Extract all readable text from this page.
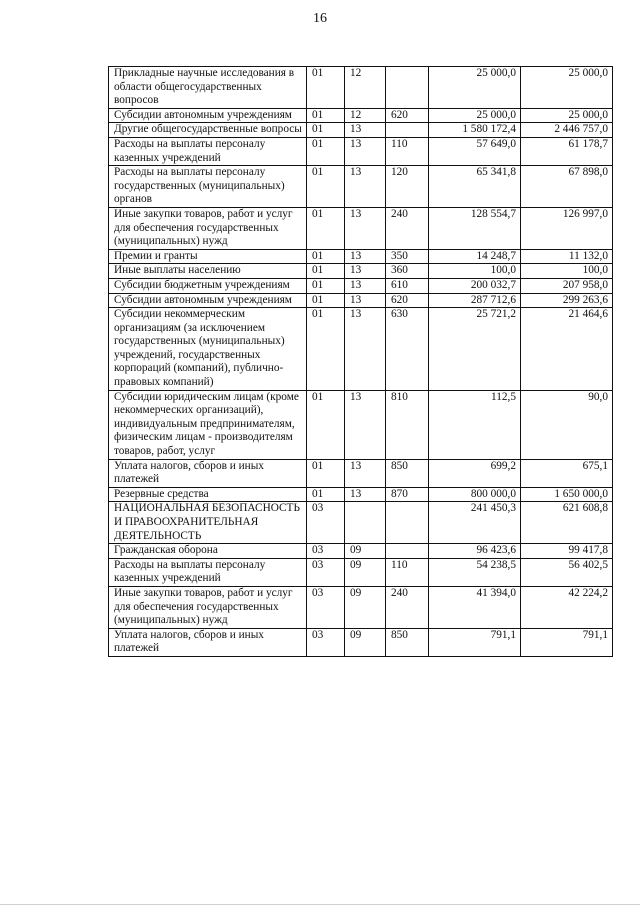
16
Прикладные научные исследования в области общегосударственных вопросов	01	12		25 000,0	25 000,0
Субсидии автономным учреждениям	01	12	620	25 000,0	25 000,0
Другие общегосударственные вопросы	01	13		1 580 172,4	2 446 757,0
Расходы на выплаты персоналу казенных учреждений	01	13	110	57 649,0	61 178,7
Расходы на выплаты персоналу государственных (муниципальных) органов	01	13	120	65 341,8	67 898,0
Иные закупки товаров, работ и услуг для обеспечения государственных (муниципальных) нужд	01	13	240	128 554,7	126 997,0
Премии и гранты	01	13	350	14 248,7	11 132,0
Иные выплаты населению	01	13	360	100,0	100,0
Субсидии бюджетным учреждениям	01	13	610	200 032,7	207 958,0
Субсидии автономным учреждениям	01	13	620	287 712,6	299 263,6
Субсидии некоммерческим организациям (за исключением государственных (муниципальных) учреждений, государственных корпораций (компаний), публично-правовых компаний)	01	13	630	25 721,2	21 464,6
Субсидии юридическим лицам (кроме некоммерческих организаций), индивидуальным предпринимателям, физическим лицам - производителям товаров, работ, услуг	01	13	810	112,5	90,0
Уплата налогов, сборов и иных платежей	01	13	850	699,2	675,1
Резервные средства	01	13	870	800 000,0	1 650 000,0
НАЦИОНАЛЬНАЯ БЕЗОПАСНОСТЬ И ПРАВООХРАНИТЕЛЬНАЯ ДЕЯТЕЛЬНОСТЬ	03			241 450,3	621 608,8
Гражданская оборона	03	09		96 423,6	99 417,8
Расходы на выплаты персоналу казенных учреждений	03	09	110	54 238,5	56 402,5
Иные закупки товаров, работ и услуг для обеспечения государственных (муниципальных) нужд	03	09	240	41 394,0	42 224,2
Уплата налогов, сборов и иных платежей	03	09	850	791,1	791,1
